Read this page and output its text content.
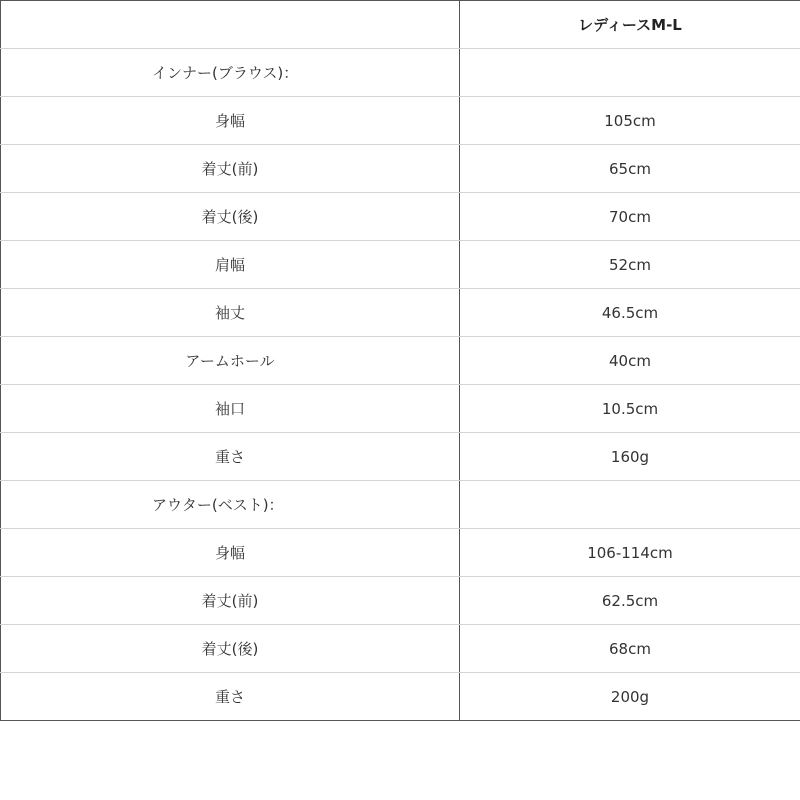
	レディースM-L
インナー(ブラウス)：	
身幅	105cm
着丈(前)	65cm
着丈(後)	70cm
肩幅	52cm
袖丈	46.5cm
アームホール	40cm
袖口	10.5cm
重さ	160g
アウター(ベスト)：	
身幅	106-114cm
着丈(前)	62.5cm
着丈(後)	68cm
重さ	200g
